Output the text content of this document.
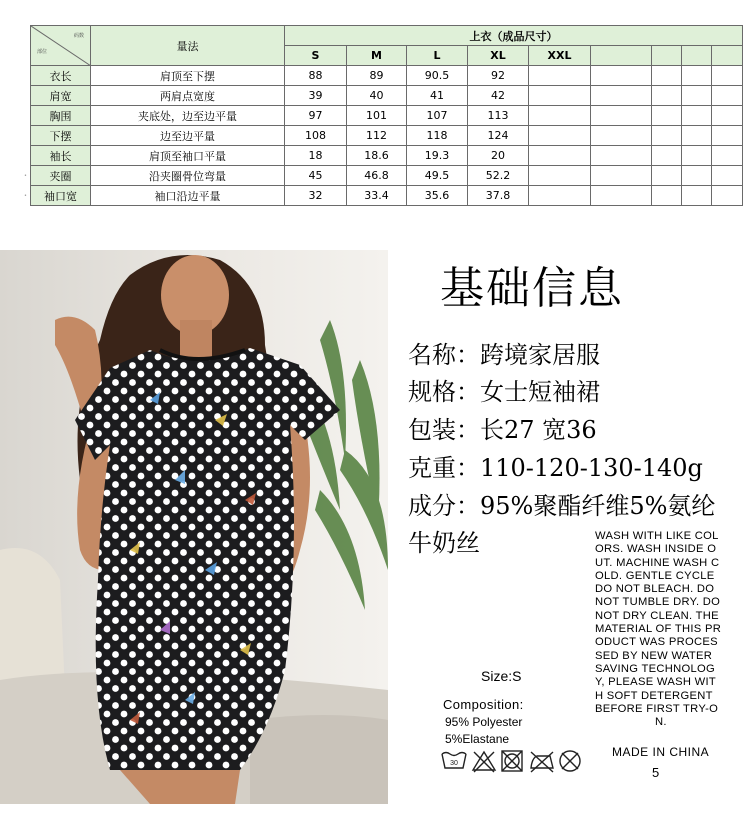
码数
部位	量法	上衣（成品尺寸）								
		S	M	L	XL	XXL				
衣长	肩顶至下摆	88	89	90.5	92					
肩宽	两肩点宽度	39	40	41	42					
胸围	夹底处，边至边平量	97	101	107	113					
下摆	边至边平量	108	112	118	124					
袖长	肩顶至袖口平量	18	18.6	19.3	20					
夹圈	沿夹圈骨位弯量	45	46.8	49.5	52.2					
袖口宽	袖口沿边平量	32	33.4	35.6	37.8					
•
•
基础信息
名称：跨境家居服
规格：女士短袖裙
包装：长27 宽36
克重：110-120-130-140g
成分：95%聚酯纤维5%氨纶
牛奶丝	WASH WITH LIKE COL
ORS. WASH INSIDE O
UT. MACHINE WASH C
OLD. GENTLE CYCLE
DO NOT BLEACH. DO
NOT TUMBLE DRY. DO
NOT DRY CLEAN. THE
MATERIAL OF THIS PR
ODUCT WAS PROCES
SED BY NEW WATER
SAVING TECHNOLOG
Y, PLEASE WASH WIT
H SOFT DETERGENT
BEFORE FIRST TRY-O
N.
Size:S
Composition:
95% Polyester
5%Elastane
MADE IN CHINA
5
30
